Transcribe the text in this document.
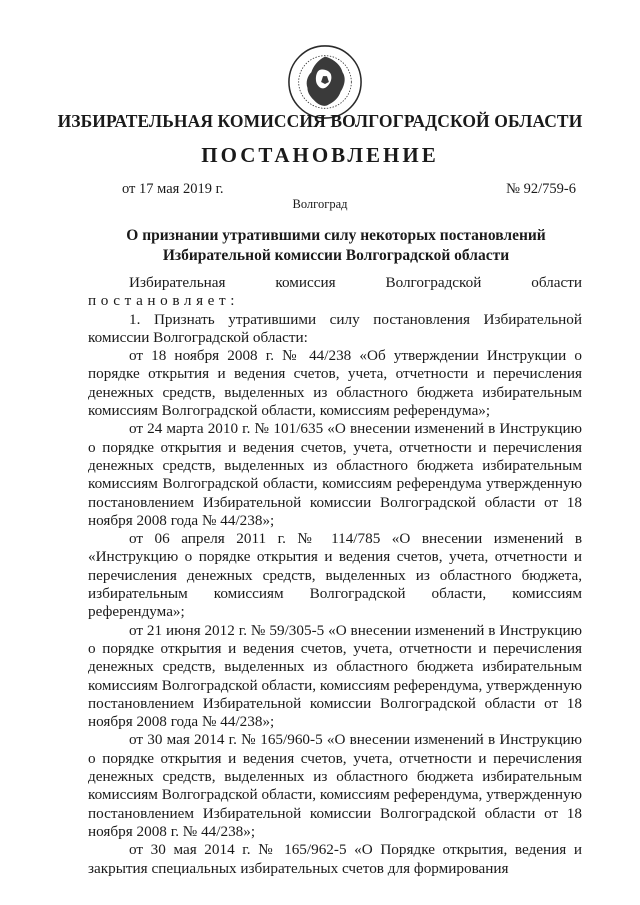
ИЗБИРАТЕЛЬНАЯ КОМИССИЯ ВОЛГОГРАДСКОЙ ОБЛАСТИ
ПОСТАНОВЛЕНИЕ
от 17 мая 2019 г.	№ 92/759-6
Волгоград
О признании утратившими силу некоторых постановлений
Избирательной комиссии Волгоградской области

Избирательная	комиссия	Волгоградской	области

постановляет:

1. Признать утратившими силу постановления Избирательной комиссии Волгоградской области:

от 18 ноября 2008 г. № 44/238 «Об утверждении Инструкции о порядке открытия и ведения счетов, учета, отчетности и перечисления денежных средств, выделенных из областного бюджета избирательным комиссиям Волгоградской области, комиссиям референдума»;

от 24 марта 2010 г. № 101/635 «О внесении изменений в Инструкцию о порядке открытия и ведения счетов, учета, отчетности и перечисления денежных средств, выделенных из областного бюджета избирательным комиссиям Волгоградской области, комиссиям референдума утвержденную постановлением Избирательной комиссии Волгоградской области от 18 ноября 2008 года № 44/238»;

от 06 апреля 2011 г. № 114/785 «О внесении изменений в «Инструкцию о порядке открытия и ведения счетов, учета, отчетности и перечисления денежных средств, выделенных из областного бюджета, избирательным комиссиям Волгоградской области, комиссиям референдума»;

от 21 июня 2012 г. № 59/305-5 «О внесении изменений в Инструкцию о порядке открытия и ведения счетов, учета, отчетности и перечисления денежных средств, выделенных из областного бюджета избирательным комиссиям Волгоградской области, комиссиям референдума, утвержденную постановлением Избирательной комиссии Волгоградской области от 18 ноября 2008 года № 44/238»;

от 30 мая 2014 г. № 165/960-5 «О внесении изменений в Инструкцию о порядке открытия и ведения счетов, учета, отчетности и перечисления денежных средств, выделенных из областного бюджета избирательным комиссиям Волгоградской области, комиссиям референдума, утвержденную постановлением Избирательной комиссии Волгоградской области от 18 ноября 2008 г. № 44/238»;

от 30 мая 2014 г. № 165/962-5 «О Порядке открытия, ведения и закрытия специальных избирательных счетов для формирования
